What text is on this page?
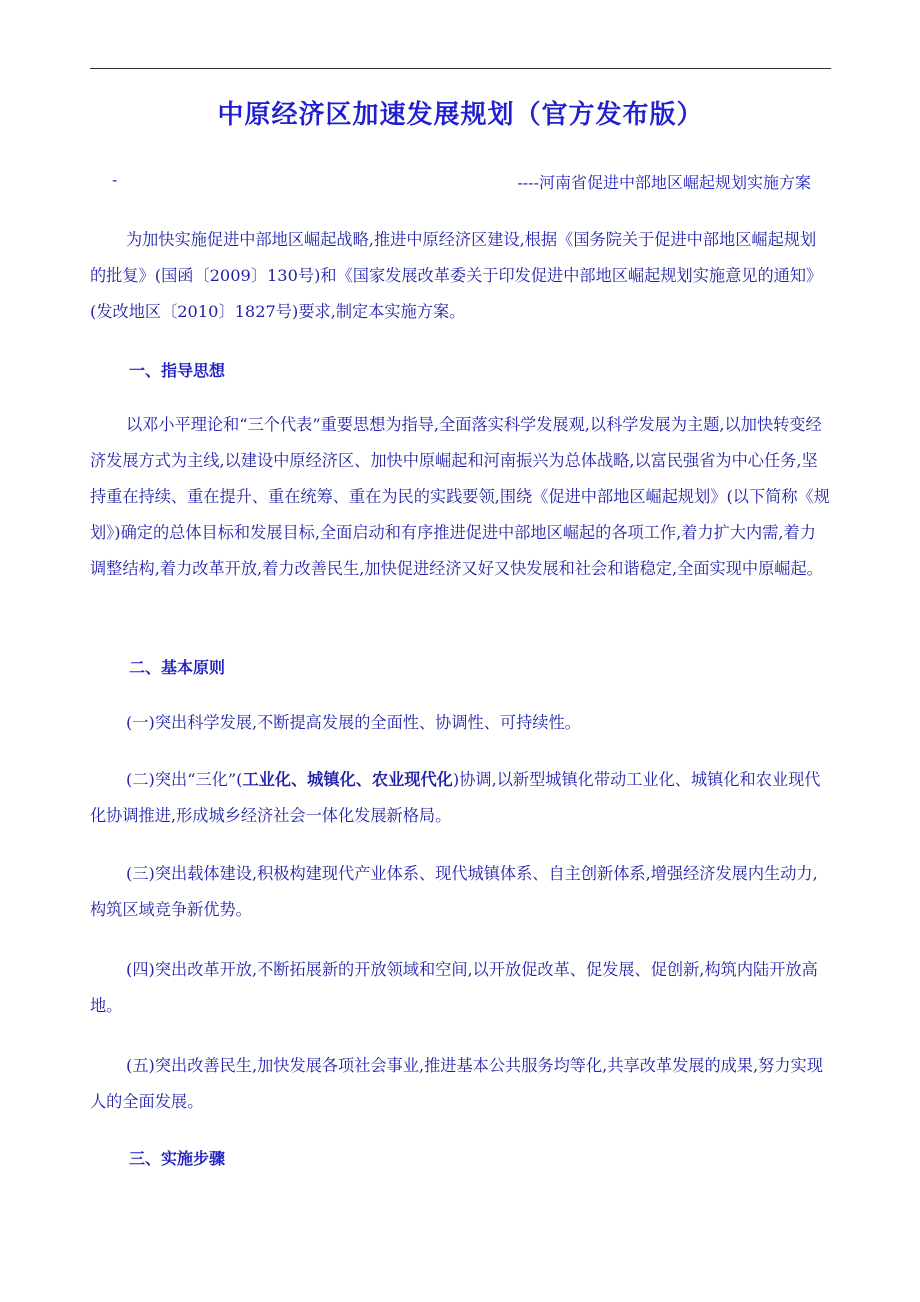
中原经济区加速发展规划（官方发布版）
-	----河南省促进中部地区崛起规划实施方案

为加快实施促进中部地区崛起战略,推进中原经济区建设,根据《国务院关于促进中部地区崛起规划的批复》(国函〔2009〕130号)和《国家发展改革委关于印发促进中部地区崛起规划实施意见的通知》(发改地区〔2010〕1827号)要求,制定本实施方案。

一、指导思想

以邓小平理论和“三个代表”重要思想为指导,全面落实科学发展观,以科学发展为主题,以加快转变经济发展方式为主线,以建设中原经济区、加快中原崛起和河南振兴为总体战略,以富民强省为中心任务,坚持重在持续、重在提升、重在统筹、重在为民的实践要领,围绕《促进中部地区崛起规划》(以下简称《规划》)确定的总体目标和发展目标,全面启动和有序推进促进中部地区崛起的各项工作,着力扩大内需,着力调整结构,着力改革开放,着力改善民生,加快促进经济又好又快发展和社会和谐稳定,全面实现中原崛起。

二、基本原则

(一)突出科学发展,不断提高发展的全面性、协调性、可持续性。

(二)突出“三化”(工业化、城镇化、农业现代化)协调,以新型城镇化带动工业化、城镇化和农业现代化协调推进,形成城乡经济社会一体化发展新格局。

(三)突出载体建设,积极构建现代产业体系、现代城镇体系、自主创新体系,增强经济发展内生动力,构筑区域竞争新优势。

(四)突出改革开放,不断拓展新的开放领域和空间,以开放促改革、促发展、促创新,构筑内陆开放高地。

(五)突出改善民生,加快发展各项社会事业,推进基本公共服务均等化,共享改革发展的成果,努力实现人的全面发展。

三、实施步骤
